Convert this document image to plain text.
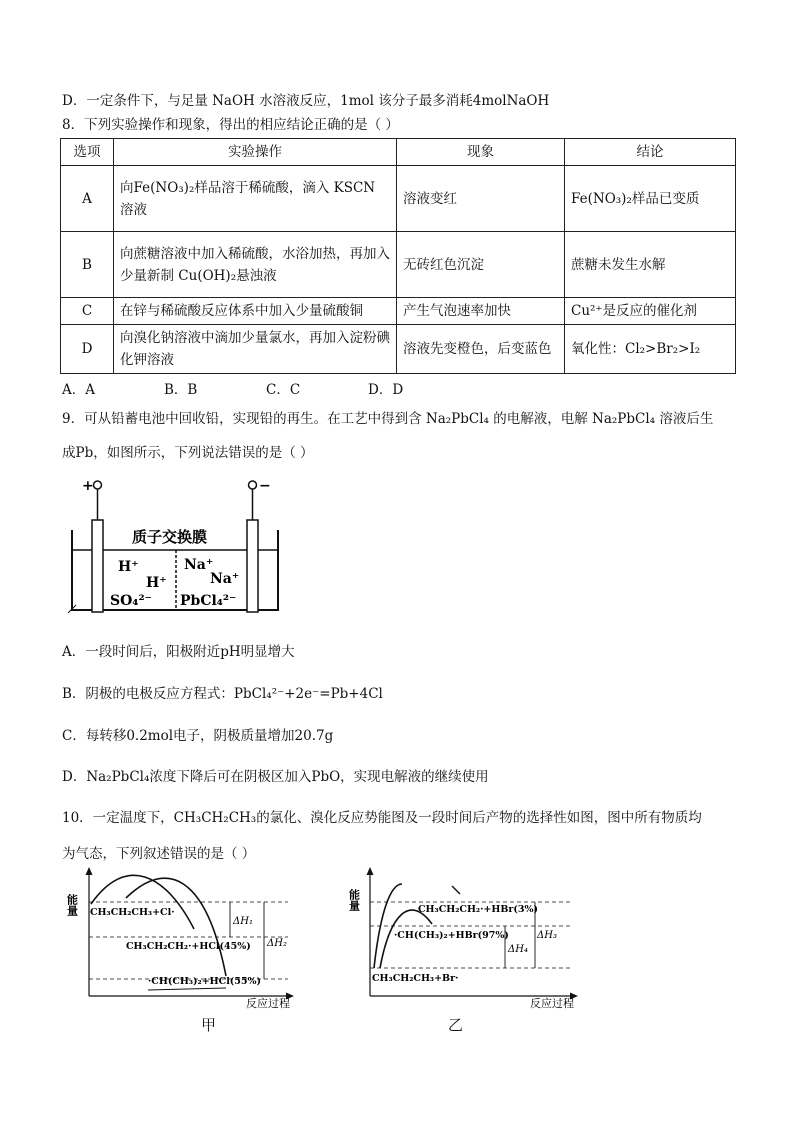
D．一定条件下，与足量 NaOH 水溶液反应，1mol 该分子最多消耗4molNaOH
8．下列实验操作和现象，得出的相应结论正确的是（ ）
选项	实验操作	现象	结论
A	向Fe(NO₃)₂样品溶于稀硫酸，滴入 KSCN 溶液	溶液变红	Fe(NO₃)₂样品已变质
B	向蔗糖溶液中加入稀硫酸，水浴加热，再加入少量新制 Cu(OH)₂悬浊液	无砖红色沉淀	蔗糖未发生水解
C	在锌与稀硫酸反应体系中加入少量硫酸铜	产生气泡速率加快	Cu²⁺是反应的催化剂
D	向溴化钠溶液中滴加少量氯水，再加入淀粉碘化钾溶液	溶液先变橙色，后变蓝色	氧化性：Cl₂>Br₂>I₂
A．A	B．B	C．C	D．D
9．可从铅蓄电池中回收铅，实现铅的再生。在工艺中得到含 Na₂PbCl₄ 的电解液，电解 Na₂PbCl₄ 溶液后生
成Pb，如图所示，下列说法错误的是（ ）
+	−
质子交换膜
H⁺
H⁺
SO₄²⁻
Na⁺
Na⁺
PbCl₄²⁻
A．一段时间后，阳极附近pH明显增大
B．阴极的电极反应方程式：PbCl₄²⁻+2e⁻=Pb+4Cl
C．每转移0.2mol电子，阴极质量增加20.7g
D．Na₂PbCl₄浓度下降后可在阴极区加入PbO，实现电解液的继续使用
10．一定温度下，CH₃CH₂CH₃的氯化、溴化反应势能图及一段时间后产物的选择性如图，图中所有物质均
为气态，下列叙述错误的是（ ）
能量
反应过程
CH₃CH₂CH₃+Cl·
CH₃CH₂CH₂·+HCl(45%)
·CH(CH₃)₂+HCl(55%)
ΔH₁
ΔH₂
甲
能量
反应过程
CH₃CH₂CH₂·+HBr(3%)
·CH(CH₃)₂+HBr(97%)
CH₃CH₂CH₃+Br·
ΔH₃
ΔH₄
乙
